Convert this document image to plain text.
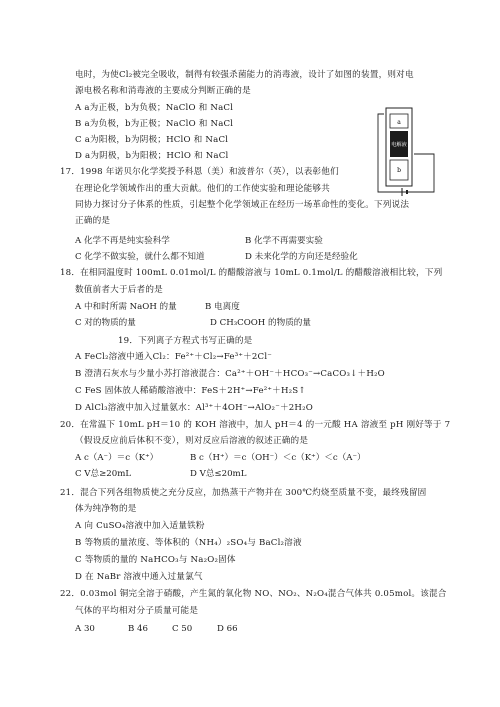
电时，为使Cl₂被完全吸收，制得有较强杀菌能力的消毒液，设计了如图的装置，则对电
源电极名称和消毒液的主要成分判断正确的是
A a为正极，b为负极；NaClO 和 NaCl
B a为负极，b为正极；NaClO 和 NaCl
C a为阳极，b为阴极；HClO 和 NaCl
D a为阴极，b为阳极；HClO 和 NaCl
a
电解液
b
17．1998 年诺贝尔化学奖授予科恩（美）和波普尔（英），以表彰他们
在理论化学领域作出的重大贡献。他们的工作使实验和理论能够共
同协力探讨分子体系的性质，引起整个化学领域正在经历一场革命性的变化。下列说法
正确的是
A 化学不再是纯实验科学	B 化学不再需要实验
C 化学不做实验，就什么都不知道	D 未来化学的方向还是经验化
18．在相同温度时 100mL 0.01mol/L 的醋酸溶液与 10mL 0.1mol/L 的醋酸溶液相比较，下列
数值前者大于后者的是
A 中和时所需 NaOH 的量	B 电离度
C 对的物质的量	D CH₃COOH 的物质的量
19．下列离子方程式书写正确的是
A FeCl₂溶液中通入Cl₂：Fe²⁺＋Cl₂→Fe³⁺＋2Cl⁻
B 澄清石灰水与少量小苏打溶液混合：Ca²⁺＋OH⁻＋HCO₃⁻→CaCO₃↓＋H₂O
C FeS 固体放人稀硝酸溶液中：FeS＋2H⁺→Fe²⁺＋H₂S↑
D AlCl₃溶液中加入过量氨水：Al³⁺＋4OH⁻→AlO₂⁻＋2H₂O
20．在常温下 10mL pH＝10 的 KOH 溶液中，加人 pH＝4 的一元酸 HA 溶液至 pH 刚好等于 7
（假设反应前后体积不变），则对反应后溶液的叙述正确的是
A c（A⁻）＝c（K⁺）	B c（H⁺）＝c（OH⁻）＜c（K⁺）＜c（A⁻）
C V总≥20mL	D V总≤20mL
21．混合下列各组物质使之充分反应，加热蒸干产物并在 300℃灼烧至质量不变，最终残留固
体为纯净物的是
A 向 CuSO₄溶液中加入适量铁粉
B 等物质的量浓度、等体积的（NH₄）₂SO₄与 BaCl₂溶液
C 等物质的量的 NaHCO₃与 Na₂O₂固体
D 在 NaBr 溶液中通入过量氯气
22．0.03mol 铜完全溶于硝酸，产生氮的氧化物 NO、NO₂、N₂O₄混合气体共 0.05mol。该混合
气体的平均相对分子质量可能是
A 30	B 46	C 50	D 66
